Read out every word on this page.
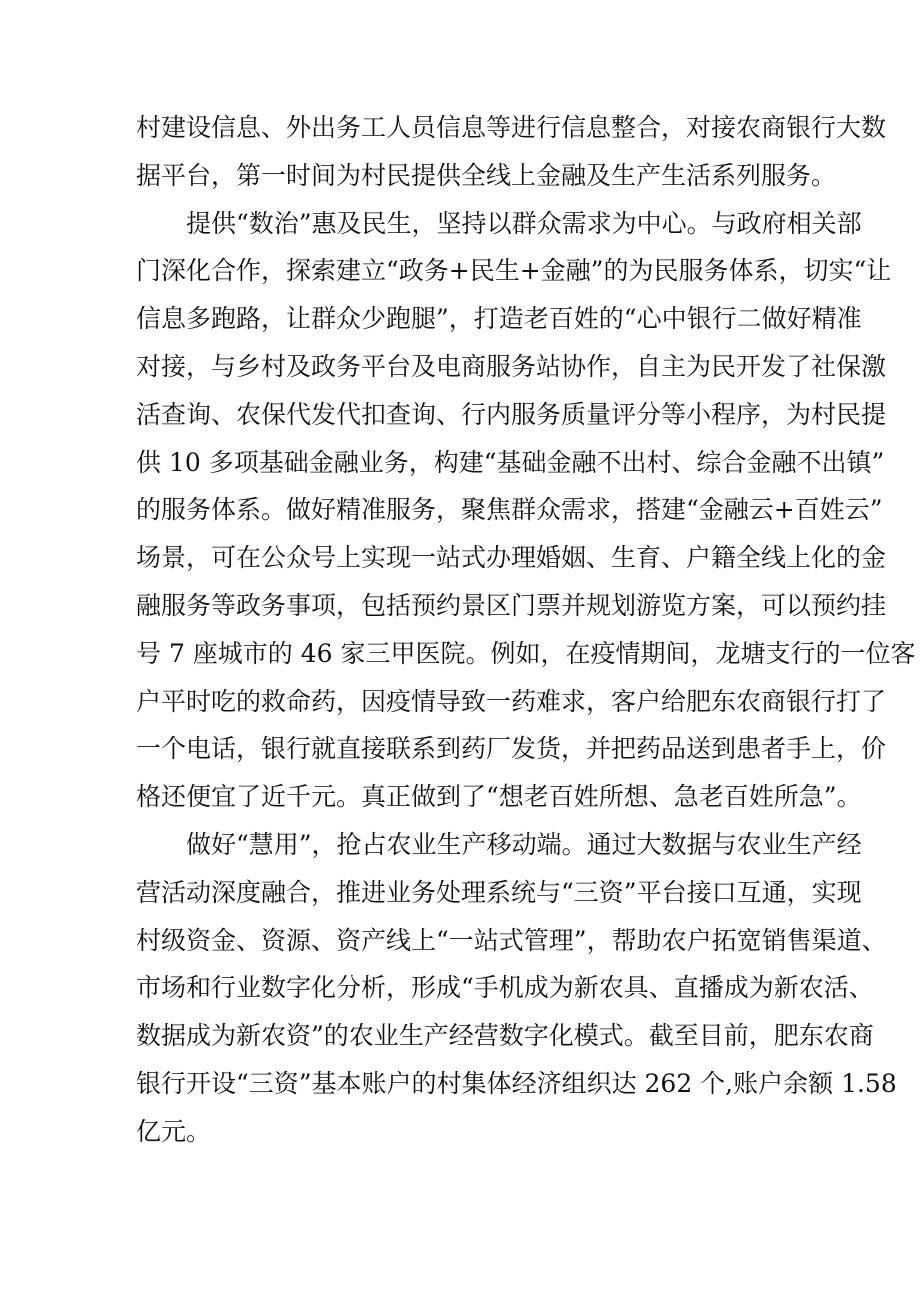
村建设信息、外出务工人员信息等进行信息整合，对接农商银行大数
据平台，第一时间为村民提供全线上金融及生产生活系列服务。
提供“数治”惠及民生，坚持以群众需求为中心。与政府相关部
门深化合作，探索建立“政务+民生+金融”的为民服务体系，切实“让
信息多跑路，让群众少跑腿”，打造老百姓的“心中银行二做好精准
对接，与乡村及政务平台及电商服务站协作，自主为民开发了社保激
活查询、农保代发代扣查询、行内服务质量评分等小程序，为村民提
供 10 多项基础金融业务，构建“基础金融不出村、综合金融不出镇”
的服务体系。做好精准服务，聚焦群众需求，搭建“金融云+百姓云”
场景，可在公众号上实现一站式办理婚姻、生育、户籍全线上化的金
融服务等政务事项，包括预约景区门票并规划游览方案，可以预约挂
号 7 座城市的 46 家三甲医院。例如，在疫情期间，龙塘支行的一位客
户平时吃的救命药，因疫情导致一药难求，客户给肥东农商银行打了
一个电话，银行就直接联系到药厂发货，并把药品送到患者手上，价
格还便宜了近千元。真正做到了“想老百姓所想、急老百姓所急”。
做好“慧用”，抢占农业生产移动端。通过大数据与农业生产经
营活动深度融合，推进业务处理系统与“三资”平台接口互通，实现
村级资金、资源、资产线上“一站式管理”，帮助农户拓宽销售渠道、
市场和行业数字化分析，形成“手机成为新农具、直播成为新农活、
数据成为新农资”的农业生产经营数字化模式。截至目前，肥东农商
银行开设“三资”基本账户的村集体经济组织达 262 个,账户余额 1.58
亿元。
